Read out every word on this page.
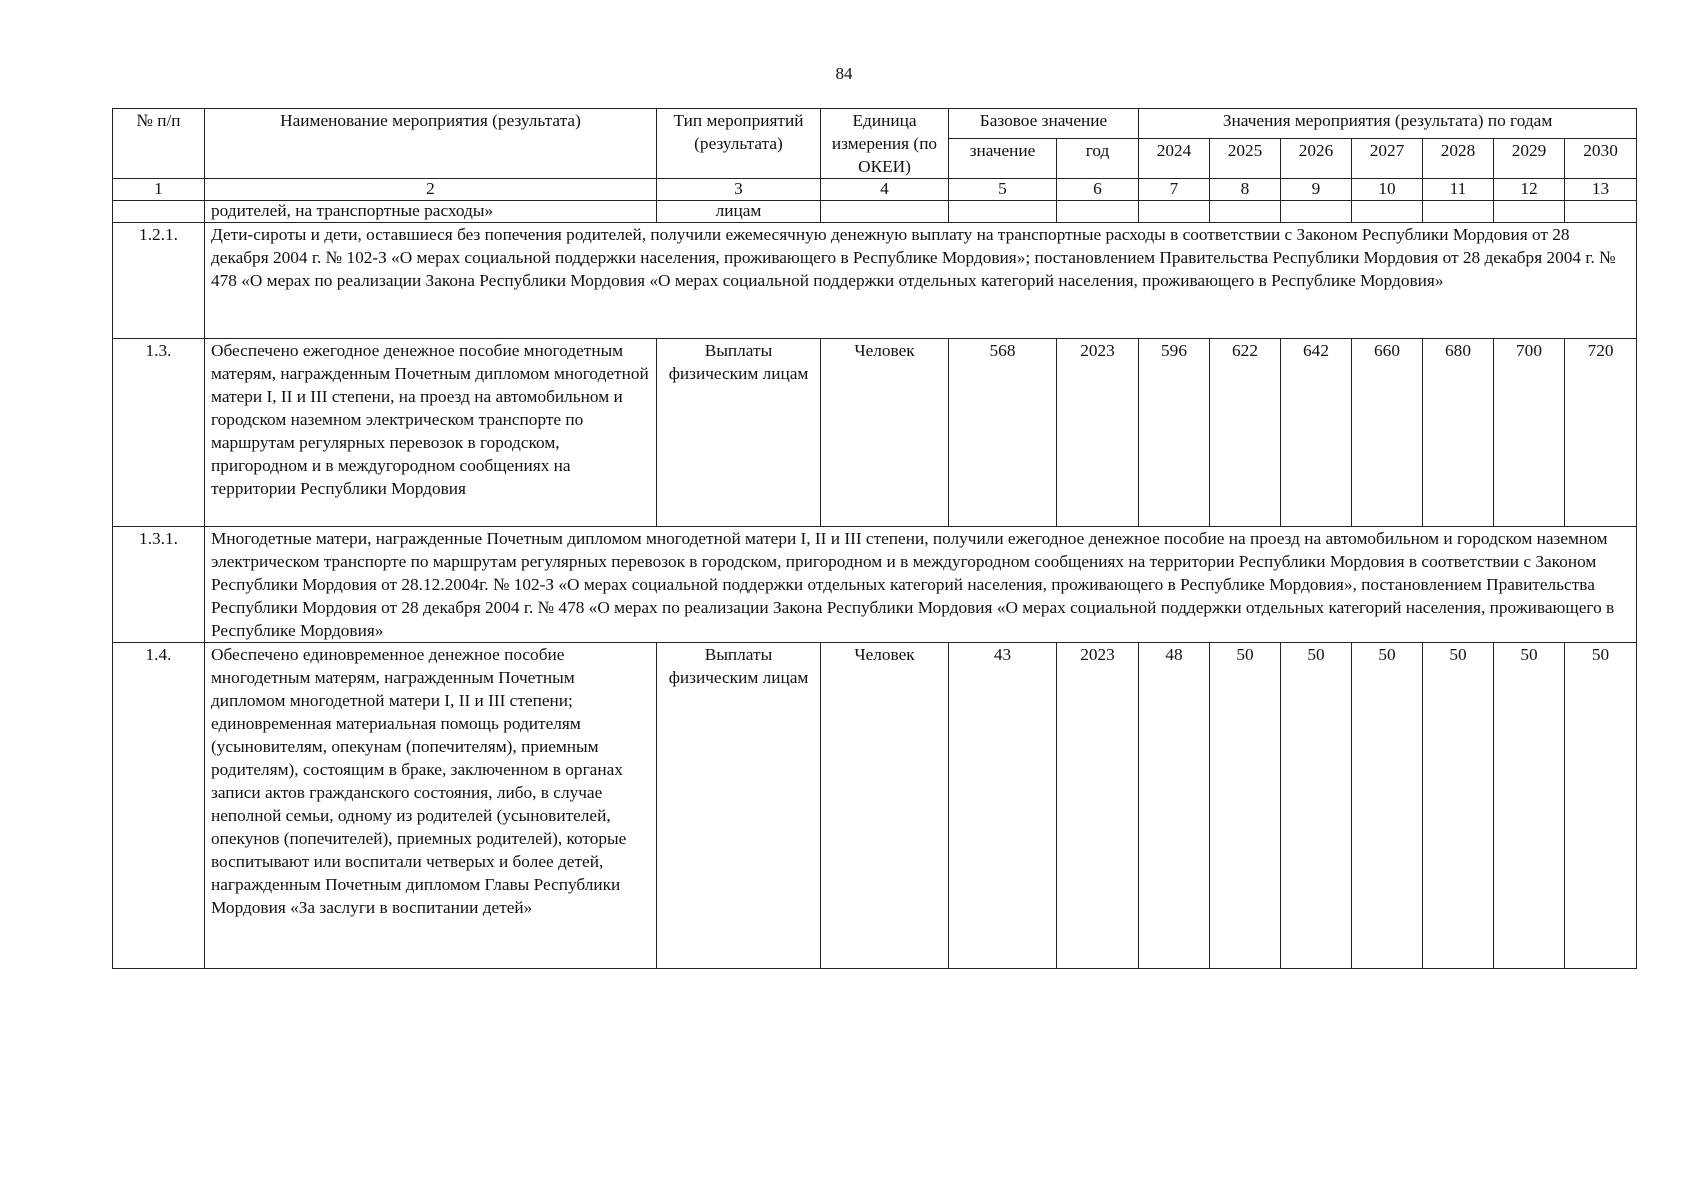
84
№ п/п	Наименование мероприятия (результата)	Тип мероприятий (результата)	Единица измерения (по ОКЕИ)	Базовое значение		Значения мероприятия (результата) по годам						
				значение	год	2024	2025	2026	2027	2028	2029	2030
1	2	3	4	5	6	7	8	9	10	11	12	13
	родителей, на транспортные расходы»	лицам										
1.2.1.	Дети-сироты и дети, оставшиеся без попечения родителей, получили ежемесячную денежную выплату на транспортные расходы в соответствии с Законом Республики Мордовия от 28 декабря 2004 г. № 102-З «О мерах социальной поддержки населения, проживающего в Республике Мордовия»; постановлением Правительства Республики Мордовия от 28 декабря 2004 г. № 478 «О мерах по реализации Закона Республики Мордовия «О мерах социальной поддержки отдельных категорий населения, проживающего в Республике Мордовия»											
1.3.	Обеспечено ежегодное денежное пособие многодетным матерям, награжденным Почетным дипломом многодетной матери I, II и III степени, на проезд на автомобильном и городском наземном электрическом транспорте по маршрутам регулярных перевозок в городском, пригородном и в междугородном сообщениях на территории Республики Мордовия	Выплаты физическим лицам	Человек	568	2023	596	622	642	660	680	700	720
1.3.1.	Многодетные матери, награжденные Почетным дипломом многодетной матери I, II и III степени, получили ежегодное денежное пособие на проезд на автомобильном и городском наземном электрическом транспорте по маршрутам регулярных перевозок в городском, пригородном и в междугородном сообщениях на территории Республики Мордовия в соответствии с Законом Республики Мордовия от 28.12.2004г. № 102-З «О мерах социальной поддержки отдельных категорий населения, проживающего в Республике Мордовия», постановлением Правительства Республики Мордовия от 28 декабря 2004 г. № 478 «О мерах по реализации Закона Республики Мордовия «О мерах социальной поддержки отдельных категорий населения, проживающего в Республике Мордовия»											
1.4.	Обеспечено единовременное денежное пособие многодетным матерям, награжденным Почетным дипломом многодетной матери I, II и III степени; единовременная материальная помощь родителям (усыновителям, опекунам (попечителям), приемным родителям), состоящим в браке, заключенном в органах записи актов гражданского состояния, либо, в случае неполной семьи, одному из родителей (усыновителей, опекунов (попечителей), приемных родителей), которые воспитывают или воспитали четверых и более детей, награжденным Почетным дипломом Главы Республики Мордовия «За заслуги в воспитании детей»	Выплаты физическим лицам	Человек	43	2023	48	50	50	50	50	50	50
